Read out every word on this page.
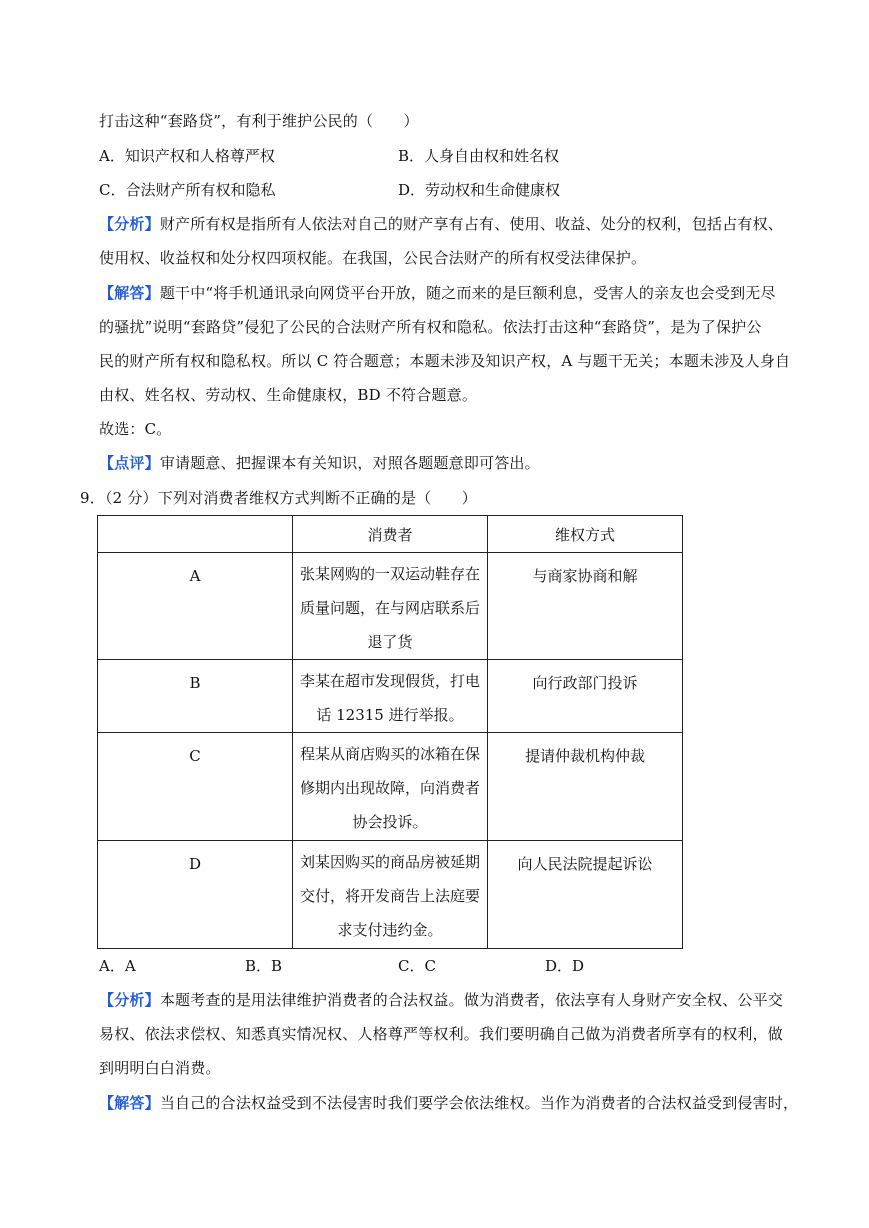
打击这种“套路贷”，有利于维护公民的（　　）
A．知识产权和人格尊严权	B．人身自由权和姓名权
C．合法财产所有权和隐私	D．劳动权和生命健康权
【分析】财产所有权是指所有人依法对自己的财产享有占有、使用、收益、处分的权利，包括占有权、
使用权、收益权和处分权四项权能。在我国，公民合法财产的所有权受法律保护。
【解答】题干中“将手机通讯录向网贷平台开放，随之而来的是巨额利息，受害人的亲友也会受到无尽
的骚扰”说明“套路贷”侵犯了公民的合法财产所有权和隐私。依法打击这种“套路贷”，是为了保护公
民的财产所有权和隐私权。所以 C 符合题意；本题未涉及知识产权，A 与题干无关；本题未涉及人身自
由权、姓名权、劳动权、生命健康权，BD 不符合题意。
故选：C。
【点评】审请题意、把握课本有关知识，对照各题题意即可答出。
9．（2 分）下列对消费者维权方式判断不正确的是（　　）
	消费者	维权方式
A	张某网购的一双运动鞋存在质量问题，在与网店联系后退了货	与商家协商和解
B	李某在超市发现假货，打电话 12315 进行举报。	向行政部门投诉
C	程某从商店购买的冰箱在保修期内出现故障，向消费者协会投诉。	提请仲裁机构仲裁
D	刘某因购买的商品房被延期交付，将开发商告上法庭要求支付违约金。	向人民法院提起诉讼
A．A	B．B	C．C	D．D
【分析】本题考查的是用法律维护消费者的合法权益。做为消费者，依法享有人身财产安全权、公平交
易权、依法求偿权、知悉真实情况权、人格尊严等权利。我们要明确自己做为消费者所享有的权利，做
到明明白白消费。
【解答】当自己的合法权益受到不法侵害时我们要学会依法维权。当作为消费者的合法权益受到侵害时，
